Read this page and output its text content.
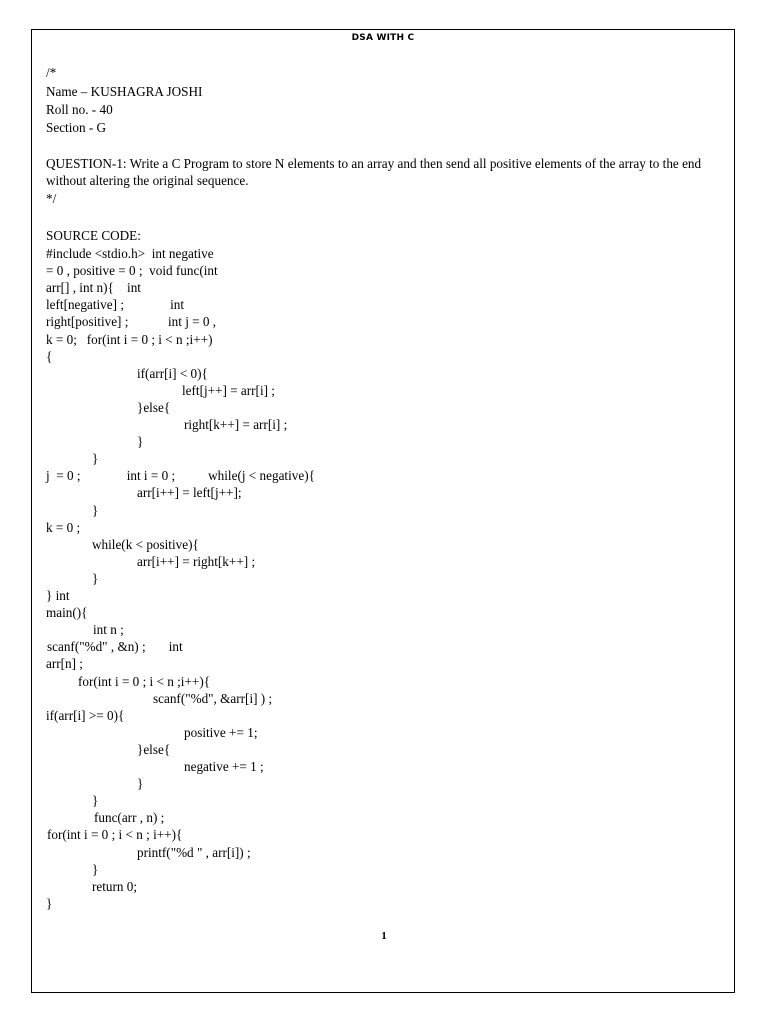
DSA WITH C
/*
Name – KUSHAGRA JOSHI
Roll no. - 40
Section - G
QUESTION-1: Write a C Program to store N elements to an array and then send all positive elements of the array to the end without altering the original sequence.
*/
SOURCE CODE:
#include <stdio.h>  int negative
= 0 , positive = 0 ;  void func(int
arr[] , int n){    int
left[negative] ;              int
right[positive] ;            int j = 0 ,
k = 0;   for(int i = 0 ; i < n ;i++)
{
if(arr[i] < 0){
left[j++] = arr[i] ;
}else{
right[k++] = arr[i] ;
}
}
j  = 0 ;              int i = 0 ;          while(j < negative){
arr[i++] = left[j++];
}
k = 0 ;
while(k < positive){
arr[i++] = right[k++] ;
}
} int
main(){
int n ;
scanf("%d" , &n) ;       int
arr[n] ;
for(int i = 0 ; i < n ;i++){
scanf("%d", &arr[i] ) ;
if(arr[i] >= 0){
positive += 1;
}else{
negative += 1 ;
}
}
func(arr , n) ;
for(int i = 0 ; i < n ; i++){
printf("%d " , arr[i]) ;
}
return 0;
}
1
